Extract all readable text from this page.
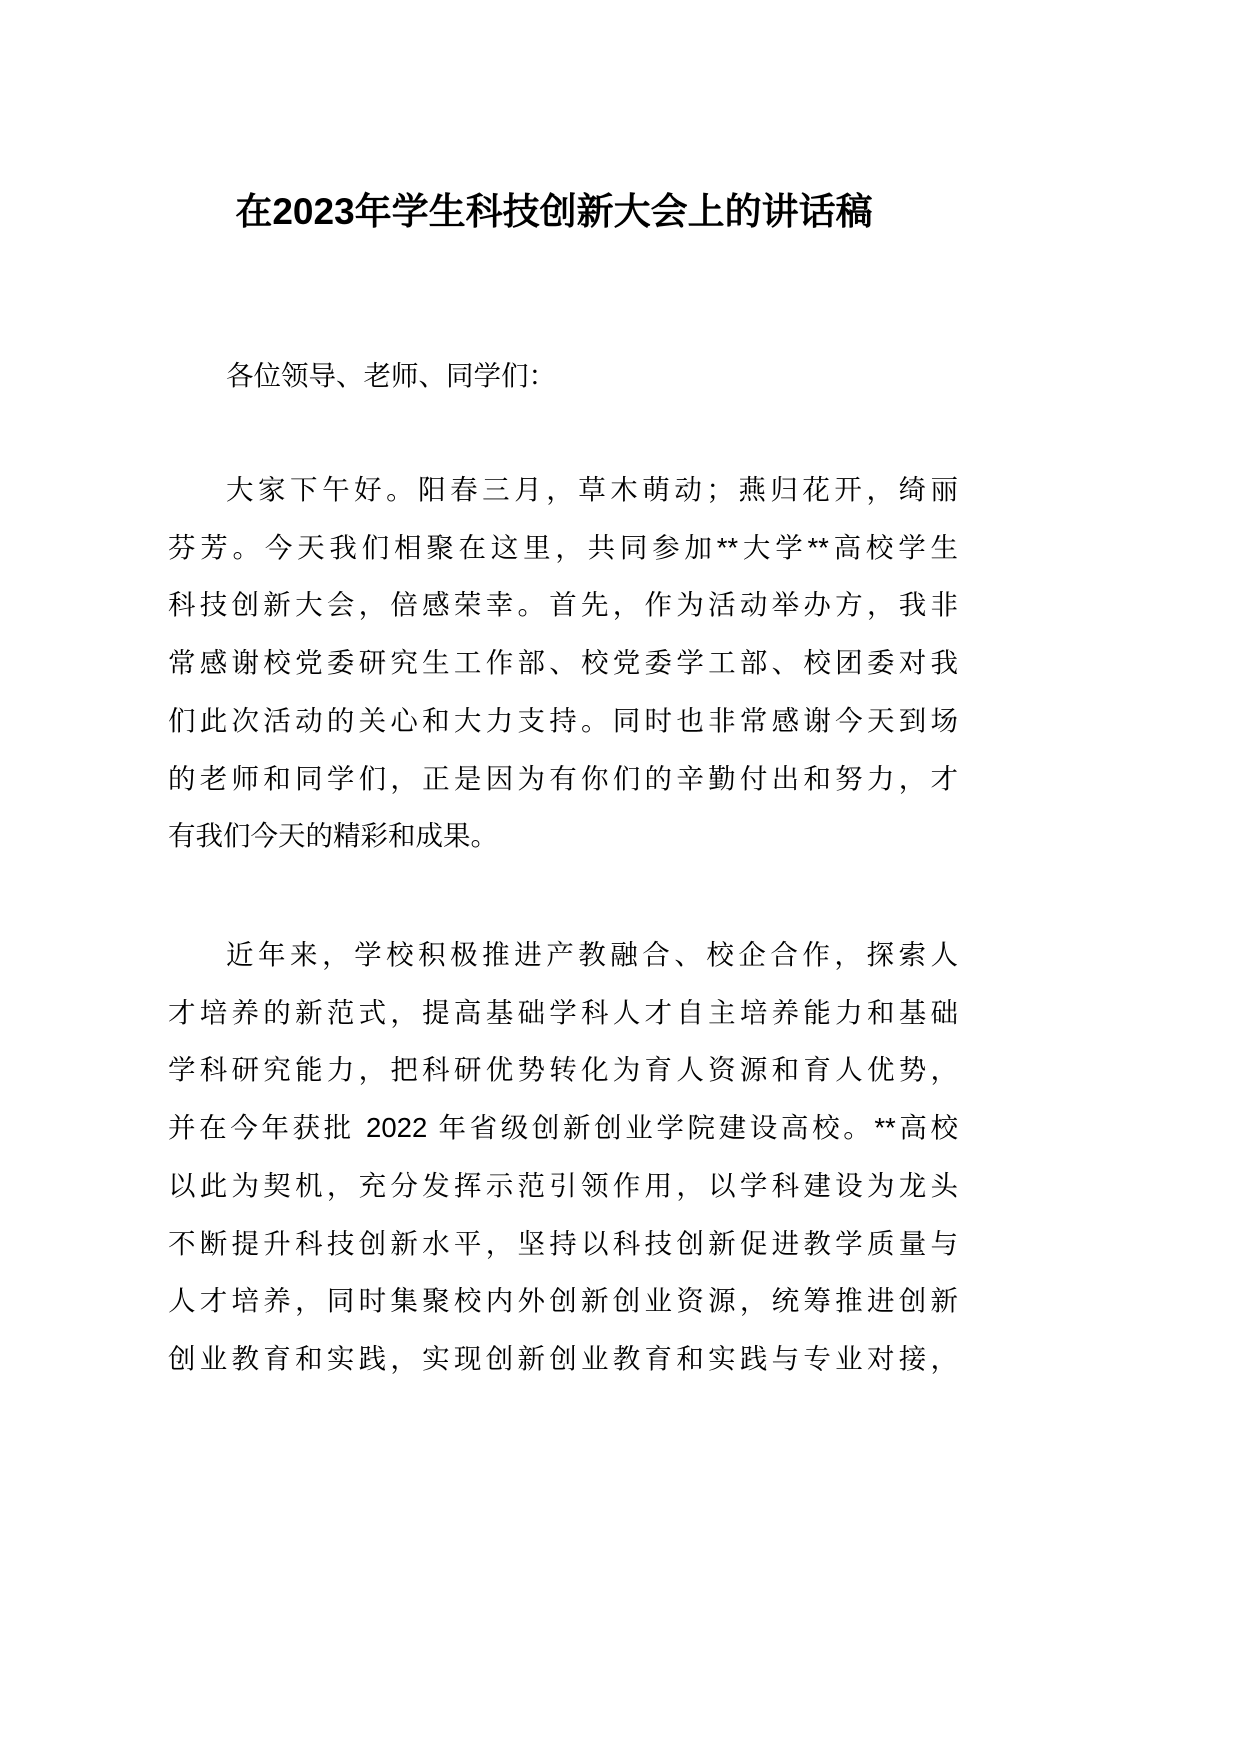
在2023年学生科技创新大会上的讲话稿
各位领导、老师、同学们：
大家下午好。阳春三月，草木萌动；燕归花开，绮丽
芬芳。今天我们相聚在这里，共同参加**大学**高校学生
科技创新大会，倍感荣幸。首先，作为活动举办方，我非
常感谢校党委研究生工作部、校党委学工部、校团委对我
们此次活动的关心和大力支持。同时也非常感谢今天到场
的老师和同学们，正是因为有你们的辛勤付出和努力，才
有我们今天的精彩和成果。
近年来，学校积极推进产教融合、校企合作，探索人
才培养的新范式，提高基础学科人才自主培养能力和基础
学科研究能力，把科研优势转化为育人资源和育人优势，
并在今年获批 2022 年省级创新创业学院建设高校。**高校
以此为契机，充分发挥示范引领作用，以学科建设为龙头
不断提升科技创新水平，坚持以科技创新促进教学质量与
人才培养，同时集聚校内外创新创业资源，统筹推进创新
创业教育和实践，实现创新创业教育和实践与专业对接，
